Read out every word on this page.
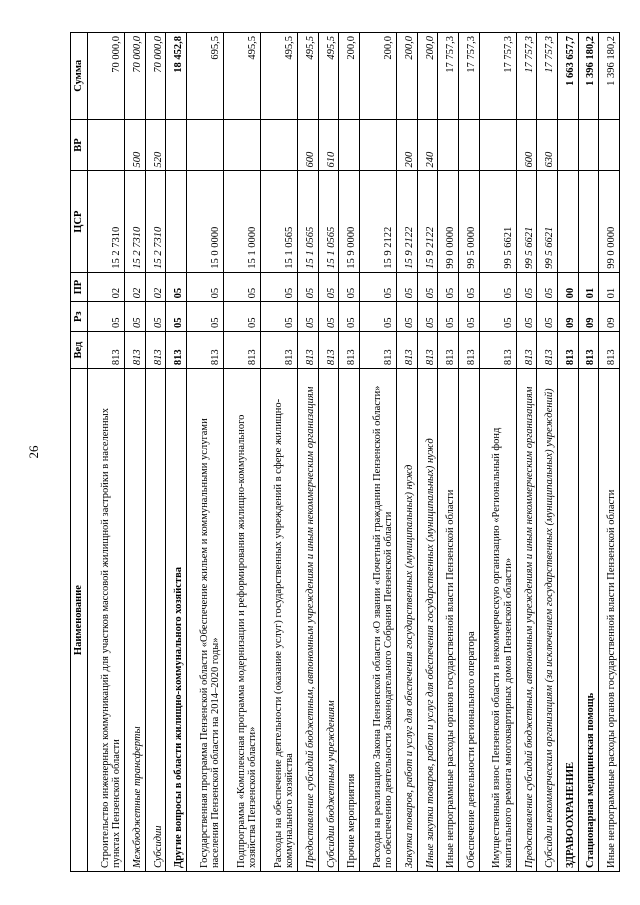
26
Наименование	Вед	Рз	ПР	ЦСР	ВР	Сумма
Строительство инженерных коммуникаций для участков массовой жилищной застройки в населенных пунктах Пензенской области	813	05	02	15 2 7310		70 000,0
Межбюджетные трансферты	813	05	02	15 2 7310	500	70 000,0
Субсидии	813	05	02	15 2 7310	520	70 000,0
Другие вопросы в области жилищно-коммунального хозяйства	813	05	05			18 452,8
Государственная программа Пензенской области «Обеспечение жильем и коммунальными услугами населения Пензенской области на 2014–2020 годы»	813	05	05	15 0 0000		695,5
Подпрограмма «Комплексная программа модернизации и реформирования жилищно-коммунального хозяйства Пензенской области»	813	05	05	15 1 0000		495,5
Расходы на обеспечение деятельности (оказание услуг) государственных учреждений в сфере жилищно-коммунального хозяйства	813	05	05	15 1 0565		495,5
Предоставление субсидий бюджетным, автономным учреждениям и иным некоммерческим организациям	813	05	05	15 1 0565	600	495,5
Субсидии бюджетным учреждениям	813	05	05	15 1 0565	610	495,5
Прочие мероприятия	813	05	05	15 9 0000		200,0
Расходы на реализацию Закона Пензенской области «О звании «Почетный гражданин Пензенской области» по обеспечению деятельности Законодательного Собрания Пензенской области	813	05	05	15 9 2122		200,0
Закупка товаров, работ и услуг для обеспечения государственных (муниципальных) нужд	813	05	05	15 9 2122	200	200,0
Иные закупки товаров, работ и услуг для обеспечения государственных (муниципальных) нужд	813	05	05	15 9 2122	240	200,0
Иные непрограммные расходы органов государственной власти Пензенской области	813	05	05	99 0 0000		17 757,3
Обеспечение деятельности регионального оператора	813	05	05	99 5 0000		17 757,3
Имущественный взнос Пензенской области в некоммерческую организацию «Региональный фонд капитального ремонта многоквартирных домов Пензенской области»	813	05	05	99 5 6621		17 757,3
Предоставление субсидий бюджетным, автономным учреждениям и иным некоммерческим организациям	813	05	05	99 5 6621	600	17 757,3
Субсидии некоммерческим организациям (за исключением государственных (муниципальных) учреждений)	813	05	05	99 5 6621	630	17 757,3
ЗДРАВООХРАНЕНИЕ	813	09	00			1 663 657,7
Стационарная медицинская помощь	813	09	01			1 396 180,2
Иные непрограммные расходы органов государственной власти Пензенской области	813	09	01	99 0 0000		1 396 180,2
